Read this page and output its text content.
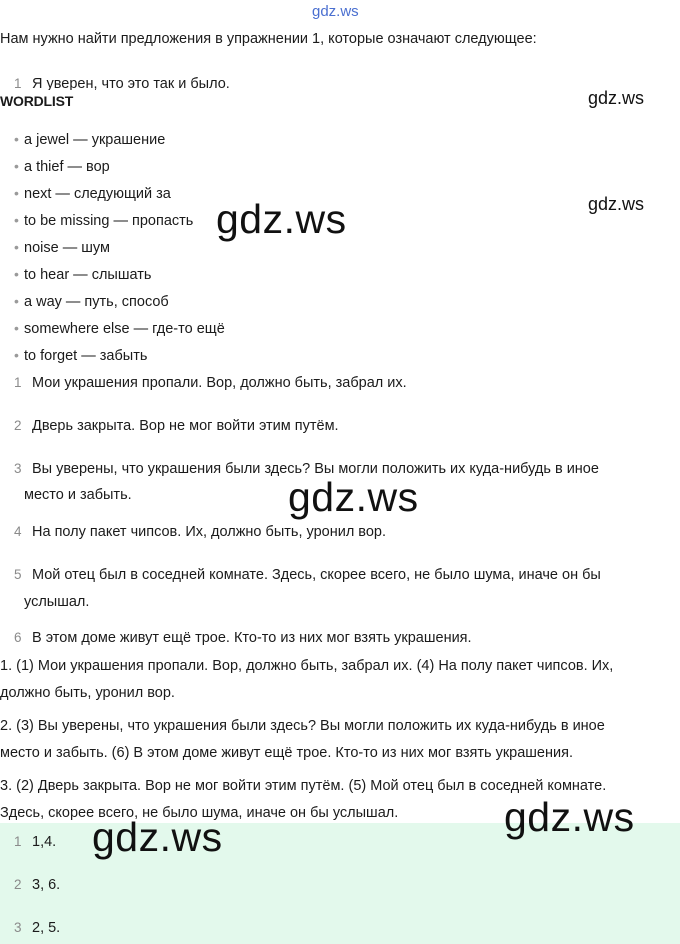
gdz.ws
Нам нужно найти предложения в упражнении 1, которые означают следующее:
1 Я уверен, что это так и было.
WORDLIST	gdz.ws
gdz.ws
• a jewel — украшение
• a thief — вор
• next — следующий за
• to be missing — пропасть
• noise — шум
• to hear — слышать
• a way — путь, способ
• somewhere else — где-то ещё
• to forget — забыть
gdz.ws
1 Мои украшения пропали. Вор, должно быть, забрал их.
2 Дверь закрыта. Вор не мог войти этим путём.
3 Вы уверены, что украшения были здесь? Вы могли положить их куда-нибудь в иное
место и забыть.
4 На полу пакет чипсов. Их, должно быть, уронил вор.
5 Мой отец был в соседней комнате. Здесь, скорее всего, не было шума, иначе он бы
услышал.
6 В этом доме живут ещё трое. Кто-то из них мог взять украшения.
gdz.ws
1. (1) Мои украшения пропали. Вор, должно быть, забрал их. (4) На полу пакет чипсов. Их,
должно быть, уронил вор.
2. (3) Вы уверены, что украшения были здесь? Вы могли положить их куда-нибудь в иное
место и забыть. (6) В этом доме живут ещё трое. Кто-то из них мог взять украшения.
3. (2) Дверь закрыта. Вор не мог войти этим путём. (5) Мой отец был в соседней комнате.
Здесь, скорее всего, не было шума, иначе он бы услышал.
1 1,4.
2 3, 6.
3 2, 5.
gdz.ws
gdz.ws
